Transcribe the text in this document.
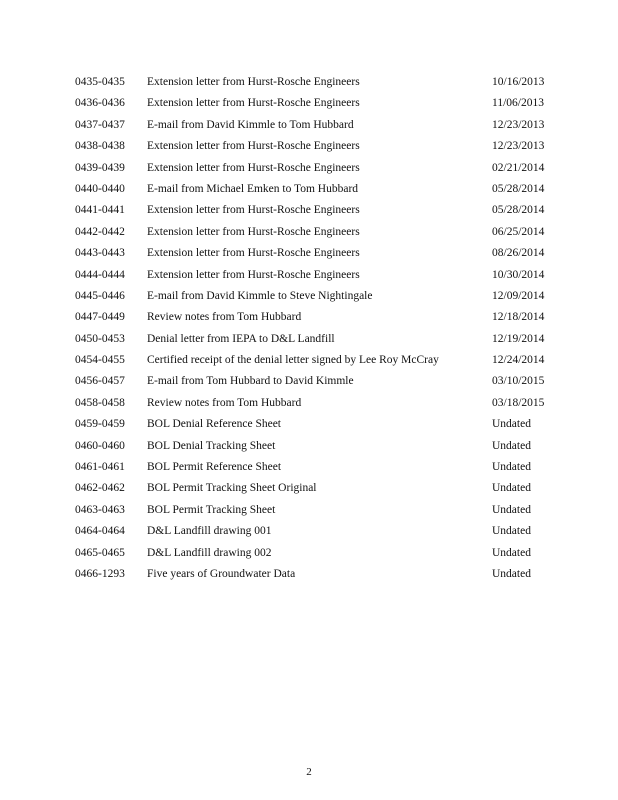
0435-0435 Extension letter from Hurst-Rosche Engineers	10/16/2013
0436-0436 Extension letter from Hurst-Rosche Engineers	11/06/2013
0437-0437 E-mail from David Kimmle to Tom Hubbard	12/23/2013
0438-0438 Extension letter from Hurst-Rosche Engineers	12/23/2013
0439-0439 Extension letter from Hurst-Rosche Engineers	02/21/2014
0440-0440 E-mail from Michael Emken to Tom Hubbard	05/28/2014
0441-0441 Extension letter from Hurst-Rosche Engineers	05/28/2014
0442-0442 Extension letter from Hurst-Rosche Engineers	06/25/2014
0443-0443 Extension letter from Hurst-Rosche Engineers	08/26/2014
0444-0444 Extension letter from Hurst-Rosche Engineers	10/30/2014
0445-0446 E-mail from David Kimmle to Steve Nightingale	12/09/2014
0447-0449 Review notes from Tom Hubbard	12/18/2014
0450-0453 Denial letter from IEPA to D&L Landfill	12/19/2014
0454-0455 Certified receipt of the denial letter signed by Lee Roy McCray	12/24/2014
0456-0457 E-mail from Tom Hubbard to David Kimmle	03/10/2015
0458-0458 Review notes from Tom Hubbard	03/18/2015
0459-0459 BOL Denial Reference Sheet	Undated
0460-0460 BOL Denial Tracking Sheet	Undated
0461-0461 BOL Permit Reference Sheet	Undated
0462-0462 BOL Permit Tracking Sheet Original	Undated
0463-0463 BOL Permit Tracking Sheet	Undated
0464-0464 D&L Landfill drawing 001	Undated
0465-0465 D&L Landfill drawing 002	Undated
0466-1293 Five years of Groundwater Data	Undated
2
